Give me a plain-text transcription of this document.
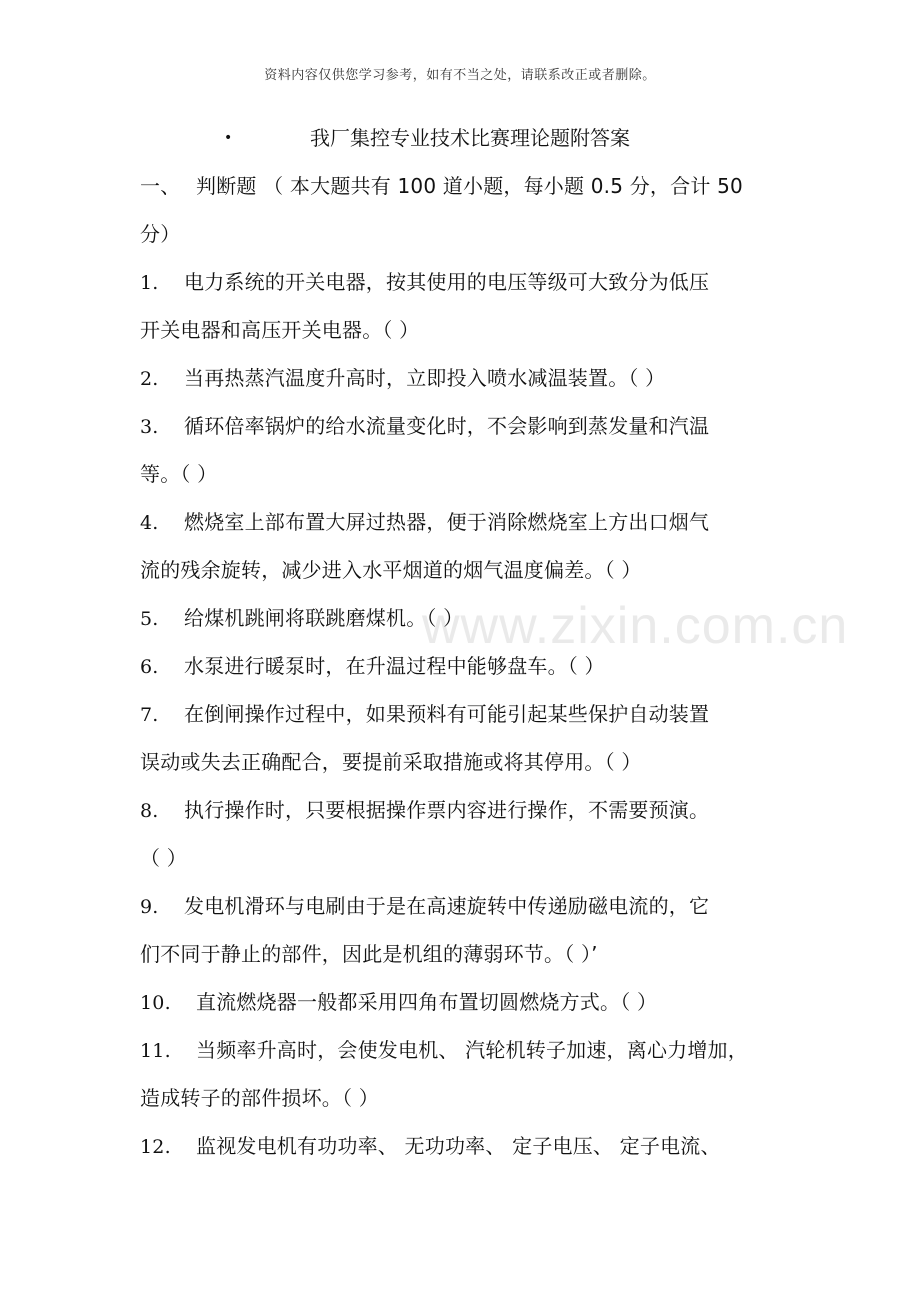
资料内容仅供您学习参考，如有不当之处，请联系改正或者删除。
•	我厂集控专业技术比赛理论题附答案
一、 判断题 （ 本大题共有 100 道小题，每小题 0.5 分，合计 50
分）
1. 电力系统的开关电器，按其使用的电压等级可大致分为低压
开关电器和高压开关电器。（ ）
2. 当再热蒸汽温度升高时，立即投入喷水减温装置。（ ）
3. 循环倍率锅炉的给水流量变化时，不会影响到蒸发量和汽温
等。（ ）
4. 燃烧室上部布置大屏过热器，便于消除燃烧室上方出口烟气
流的残余旋转，减少进入水平烟道的烟气温度偏差。（ ）
5. 给煤机跳闸将联跳磨煤机。（ ）
6. 水泵进行暖泵时，在升温过程中能够盘车。（ ）
7. 在倒闸操作过程中，如果预料有可能引起某些保护自动装置
误动或失去正确配合，要提前采取措施或将其停用。（ ）
8. 执行操作时，只要根据操作票内容进行操作，不需要预演。
（ ）
9. 发电机滑环与电刷由于是在高速旋转中传递励磁电流的，它
们不同于静止的部件，因此是机组的薄弱环节。（ ）’
10. 直流燃烧器一般都采用四角布置切圆燃烧方式。（ ）
11. 当频率升高时，会使发电机、 汽轮机转子加速，离心力增加，
造成转子的部件损坏。（ ）
12. 监视发电机有功功率、 无功功率、 定子电压、 定子电流、
www.zixin.com.cn
